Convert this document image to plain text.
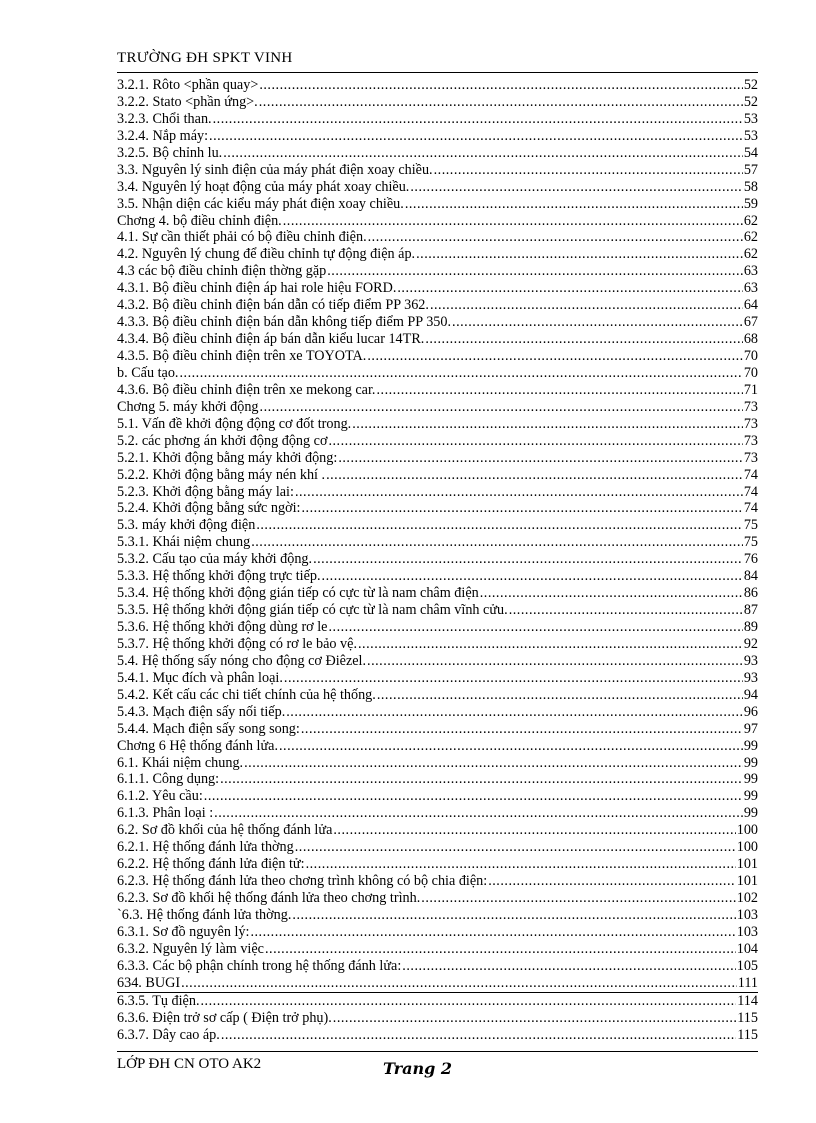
TRƯỜNG ĐH SPKT VINH
3.2.1. Rôto <phần quay> .....	52
3.2.2. Stato <phần ứng>. .....	52
3.2.3. Chổi than. .....	53
3.2.4. Nắp máy: .....	53
3.2.5. Bộ chỉnh lu. .....	54
3.3. Nguyên lý sinh điện của máy phát điện xoay chiều. .....	57
3.4. Nguyên lý hoạt động của máy phát xoay chiều. .....	58
3.5. Nhận diện các kiểu máy phát điện xoay chiều. .....	59
Chơng 4. bộ điều chỉnh điện. .....	62
4.1. Sự cần thiết phải có bộ điều chỉnh điện. .....	62
4.2. Nguyên lý chung để điều chỉnh tự động điện áp. .....	62
4.3 các bộ điều chỉnh điện thờng gặp .....	63
4.3.1. Bộ điều chỉnh điện áp hai role hiệu FORD. .....	63
4.3.2. Bộ điều chỉnh điện bán dẫn có tiếp điểm PP 362. .....	64
4.3.3. Bộ điều chỉnh điện bán dẫn không tiếp điểm PP 350. .....	67
4.3.4. Bộ điều chỉnh điện áp bán dẫn kiểu lucar 14TR. .....	68
4.3.5. Bộ điều chỉnh điện trên xe TOYOTA. .....	70
b. Cấu tạo. .....	70
4.3.6. Bộ điều chỉnh điện trên xe mekong car. .....	71
Chơng 5. máy khởi động .....	73
5.1. Vấn đề khởi động động cơ đốt trong. .....	73
5.2. các phơng án khởi động động cơ .....	73
5.2.1. Khởi động bằng máy khởi động: .....	73
5.2.2. Khởi động bằng máy nén khí . .....	74
5.2.3. Khởi động bằng máy lai: .....	74
5.2.4. Khởi động bằng sức ngời: .....	74
5.3. máy khởi động điện .....	75
5.3.1. Khái niệm chung .....	75
5.3.2. Cấu tạo của máy khởi động. .....	76
5.3.3. Hệ thống khởi động trực tiếp. .....	84
5.3.4. Hệ thống khởi động gián tiếp có cực từ là nam châm điện .....	86
5.3.5. Hệ thống khởi động gián tiếp có cực từ là nam châm vĩnh cửu. .....	87
5.3.6. Hệ thống khởi động dùng rơ le .....	89
5.3.7. Hệ thống khởi động có rơ le bảo vệ. .....	92
5.4. Hệ thống sấy nóng cho động cơ Điêzel. .....	93
5.4.1. Mục đích và phân loại. .....	93
5.4.2. Kết cấu các chi tiết chính của hệ thống. .....	94
5.4.3. Mạch điện sấy nối tiếp. .....	96
5.4.4. Mạch điện sấy song song: .....	97
Chơng 6 Hệ thống đánh lửa. .....	99
6.1. Khái niệm chung. .....	99
6.1.1. Công dụng: .....	99
6.1.2. Yêu cầu: .....	99
6.1.3. Phân loại : .....	99
6.2. Sơ đồ khối của hệ thống đánh lửa .....	100
6.2.1. Hệ thống đánh lửa thờng .....	100
6.2.2. Hệ thống đánh lửa điện tử: .....	101
6.2.3. Hệ thống đánh lửa theo chơng trình không có bộ chia điện: .....	101
6.2.3. Sơ đồ khối hệ thống đánh lửa theo chơng trình. .....	102
`6.3. Hệ thống đánh lửa thờng. .....	103
6.3.1. Sơ đồ nguyên lý: .....	103
6.3.2. Nguyên lý làm việc .....	104
6.3.3. Các bộ phận chính trong hệ thống đánh lửa: .....	105
634. BUGI .....	111
6.3.5. Tụ điện. .....	114
6.3.6. Điện trở sơ cấp ( Điện trở phụ). .....	115
6.3.7. Dây cao áp. .....	115
LỚP ĐH CN OTO AK2	Trang 2
